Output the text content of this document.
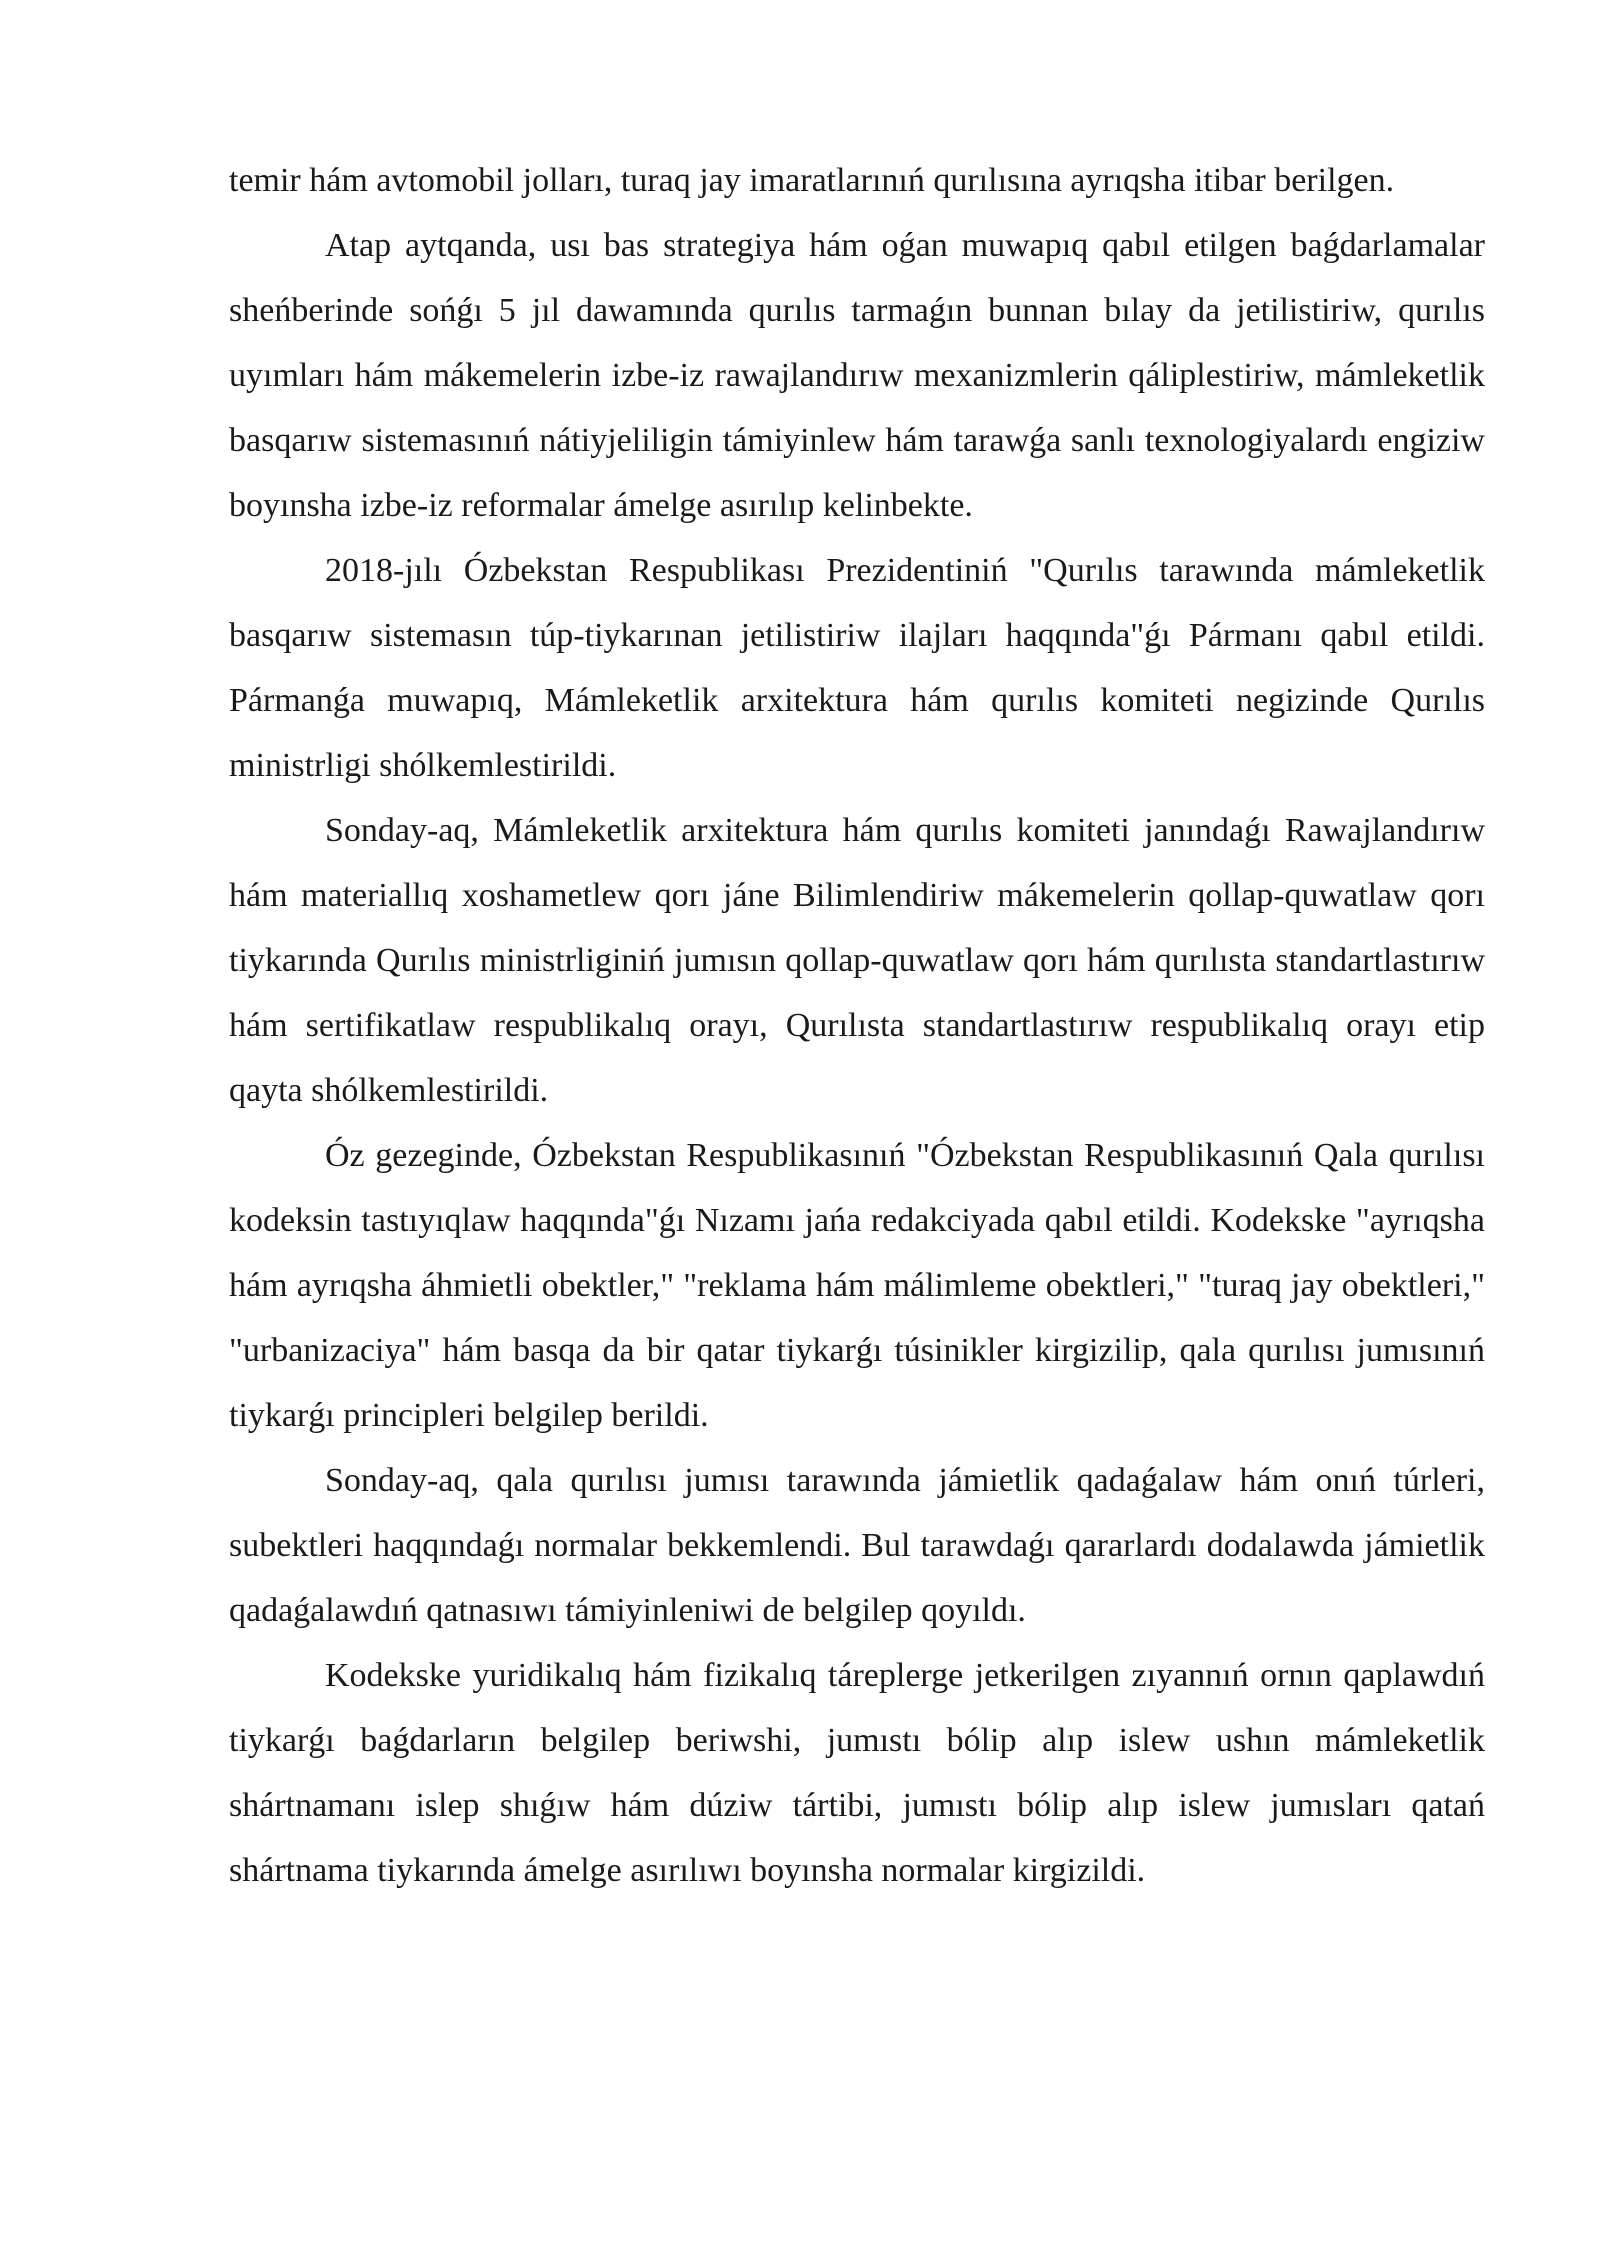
temir hám avtomobil jolları, turaq jay imaratlarınıń qurılısına ayrıqsha itibar berilgen.

Atap aytqanda, usı bas strategiya hám oǵan muwapıq qabıl etilgen baǵdarlamalar sheńberinde sońǵı 5 jıl dawamında qurılıs tarmaǵın bunnan bılay da jetilistiriw, qurılıs uyımları hám mákemelerin izbe-iz rawajlandırıw mexanizmlerin qáliplestiriw, mámleketlik basqarıw sistemasınıń nátiyjeliligin támiyinlew hám tarawǵa sanlı texnologiyalardı engiziw boyınsha izbe-iz reformalar ámelge asırılıp kelinbekte.

2018-jılı Ózbekstan Respublikası Prezidentiniń "Qurılıs tarawında mámleketlik basqarıw sistemasın túp-tiykarınan jetilistiriw ilajları haqqında"ǵı Pármanı qabıl etildi. Pármanǵa muwapıq, Mámleketlik arxitektura hám qurılıs komiteti negizinde Qurılıs ministrligi shólkemlestirildi.

Sonday-aq, Mámleketlik arxitektura hám qurılıs komiteti janındaǵı Rawajlandırıw hám materiallıq xoshametlew qorı jáne Bilimlendiriw mákemelerin qollap-quwatlaw qorı tiykarında Qurılıs ministrliginiń jumısın qollap-quwatlaw qorı hám qurılısta standartlastırıw hám sertifikatlaw respublikalıq orayı, Qurılısta standartlastırıw respublikalıq orayı etip qayta shólkemlestirildi.

Óz gezeginde, Ózbekstan Respublikasınıń "Ózbekstan Respublikasınıń Qala qurılısı kodeksin tastıyıqlaw haqqında"ǵı Nızamı jańa redakciyada qabıl etildi. Kodekske "ayrıqsha hám ayrıqsha áhmietli obektler," "reklama hám málimleme obektleri," "turaq jay obektleri," "urbanizaciya" hám basqa da bir qatar tiykarǵı túsinikler kirgizilip, qala qurılısı jumısınıń tiykarǵı principleri belgilep berildi.

Sonday-aq, qala qurılısı jumısı tarawında jámietlik qadaǵalaw hám onıń túrleri, subektleri haqqındaǵı normalar bekkemlendi. Bul tarawdaǵı qararlardı dodalawda jámietlik qadaǵalawdıń qatnasıwı támiyinleniwi de belgilep qoyıldı.

Kodekske yuridikalıq hám fizikalıq táreplerge jetkerilgen zıyannıń ornın qaplawdıń tiykarǵı baǵdarların belgilep beriwshi, jumıstı bólip alıp islew ushın mámleketlik shártnamanı islep shıǵıw hám dúziw tártibi, jumıstı bólip alıp islew jumısları qatań shártnama tiykarında ámelge asırılıwı boyınsha normalar kirgizildi.
